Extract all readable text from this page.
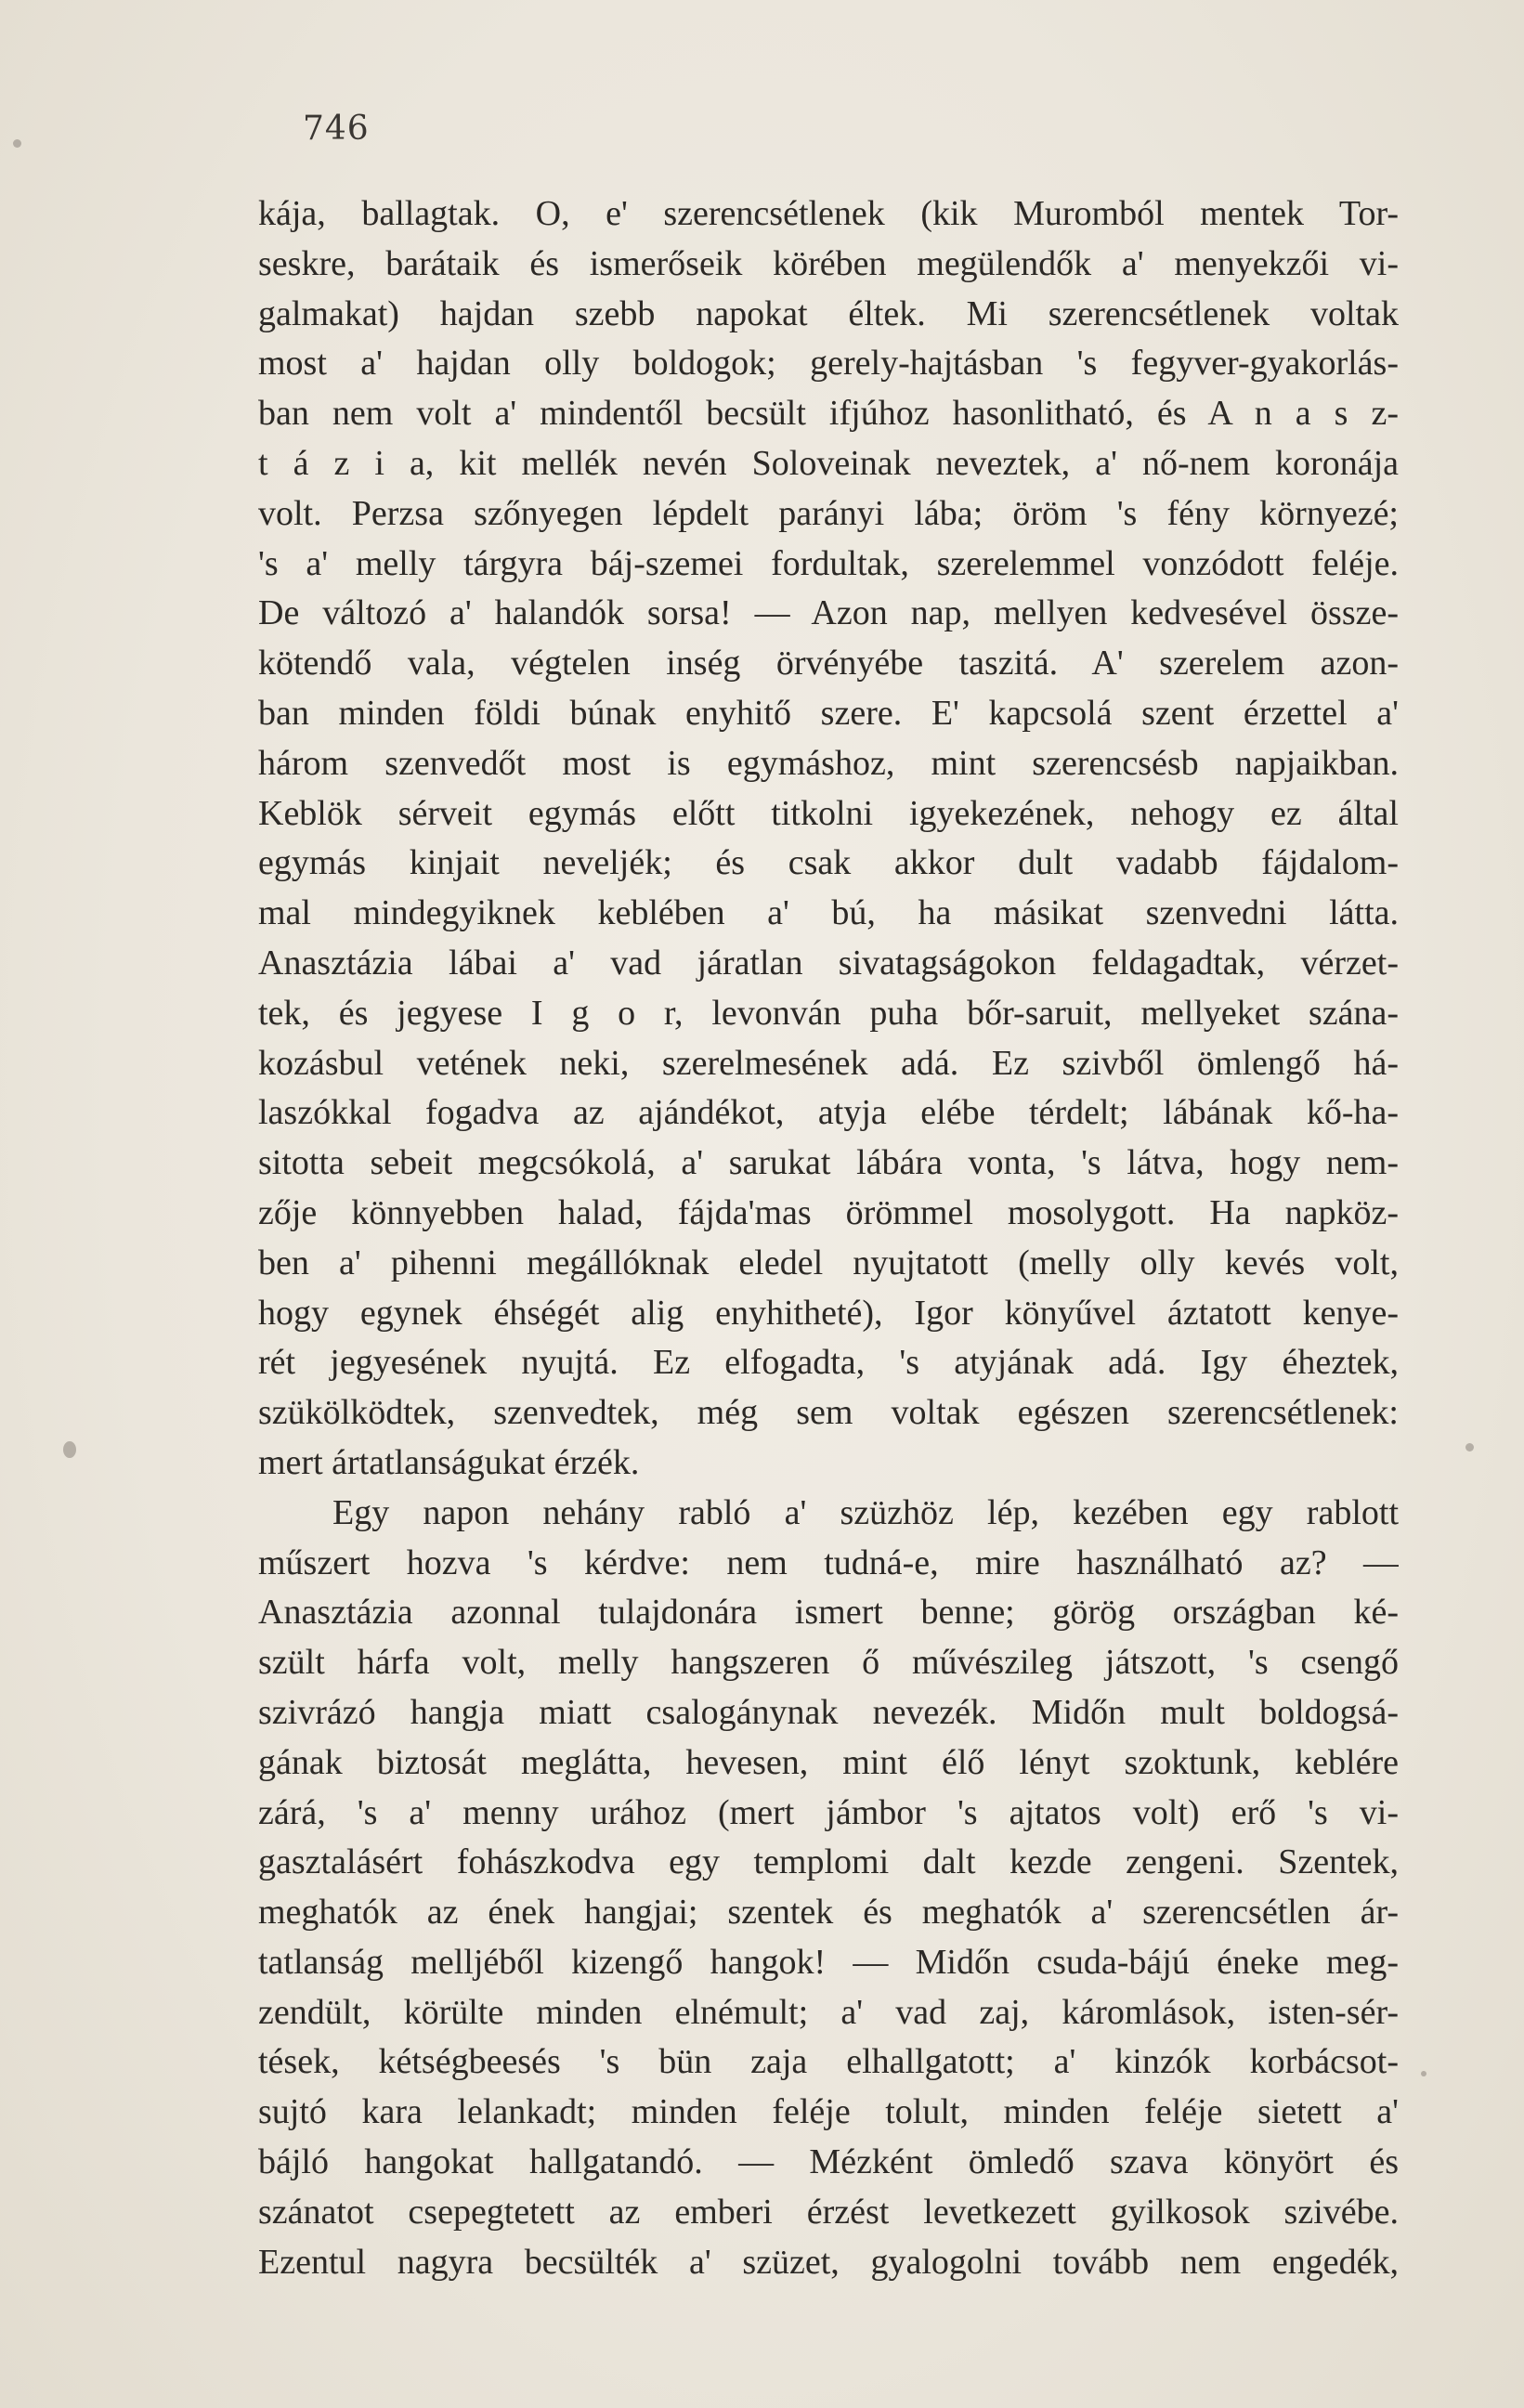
746
kája, ballagtak. O, e' szerencsétlenek (kik Muromból mentek Tor-
seskre, barátaik és ismerőseik körében megülendők a' menyekzői vi-
galmakat) hajdan szebb napokat éltek. Mi szerencsétlenek voltak
most a' hajdan olly boldogok; gerely-hajtásban 's fegyver-gyakorlás-
ban nem volt a' mindentől becsült ifjúhoz hasonlitható, és A n a s z-
t á z i a, kit mellék nevén Soloveinak neveztek, a' nő-nem koronája
volt. Perzsa szőnyegen lépdelt parányi lába; öröm 's fény környezé;
's a' melly tárgyra báj-szemei fordultak, szerelemmel vonzódott feléje.
De változó a' halandók sorsa! — Azon nap, mellyen kedvesével össze-
kötendő vala, végtelen inség örvényébe taszitá. A' szerelem azon-
ban minden földi búnak enyhitő szere. E' kapcsolá szent érzettel a'
három szenvedőt most is egymáshoz, mint szerencsésb napjaikban.
Keblök sérveit egymás előtt titkolni igyekezének, nehogy ez által
egymás kinjait neveljék; és csak akkor dult vadabb fájdalom-
mal mindegyiknek keblében a' bú, ha másikat szenvedni látta.
Anasztázia lábai a' vad járatlan sivatagságokon feldagadtak, vérzet-
tek, és jegyese I g o r, levonván puha bőr-saruit, mellyeket szána-
kozásbul vetének neki, szerelmesének adá. Ez szivből ömlengő há-
laszókkal fogadva az ajándékot, atyja elébe térdelt; lábának kő-ha-
sitotta sebeit megcsókolá, a' sarukat lábára vonta, 's látva, hogy nem-
zője könnyebben halad, fájda'mas örömmel mosolygott. Ha napköz-
ben a' pihenni megállóknak eledel nyujtatott (melly olly kevés volt,
hogy egynek éhségét alig enyhitheté), Igor könyűvel áztatott kenye-
rét jegyesének nyujtá. Ez elfogadta, 's atyjának adá. Igy éheztek,
szükölködtek, szenvedtek, még sem voltak egészen szerencsétlenek:
mert ártatlanságukat érzék.
Egy napon nehány rabló a' szüzhöz lép, kezében egy rablott
műszert hozva 's kérdve: nem tudná-e, mire használható az? —
Anasztázia azonnal tulajdonára ismert benne; görög országban ké-
szült hárfa volt, melly hangszeren ő művészileg játszott, 's csengő
szivrázó hangja miatt csalogánynak nevezék. Midőn mult boldogsá-
gának biztosát meglátta, hevesen, mint élő lényt szoktunk, keblére
zárá, 's a' menny urához (mert jámbor 's ajtatos volt) erő 's vi-
gasztalásért fohászkodva egy templomi dalt kezde zengeni. Szentek,
meghatók az ének hangjai; szentek és meghatók a' szerencsétlen ár-
tatlanság melljéből kizengő hangok! — Midőn csuda-bájú éneke meg-
zendült, körülte minden elnémult; a' vad zaj, káromlások, isten-sér-
tések, kétségbeesés 's bün zaja elhallgatott; a' kinzók korbácsot-
sujtó kara lelankadt; minden feléje tolult, minden feléje sietett a'
bájló hangokat hallgatandó. — Mézként ömledő szava könyört és
szánatot csepegtetett az emberi érzést levetkezett gyilkosok szivébe.
Ezentul nagyra becsülték a' szüzet, gyalogolni tovább nem engedék,
